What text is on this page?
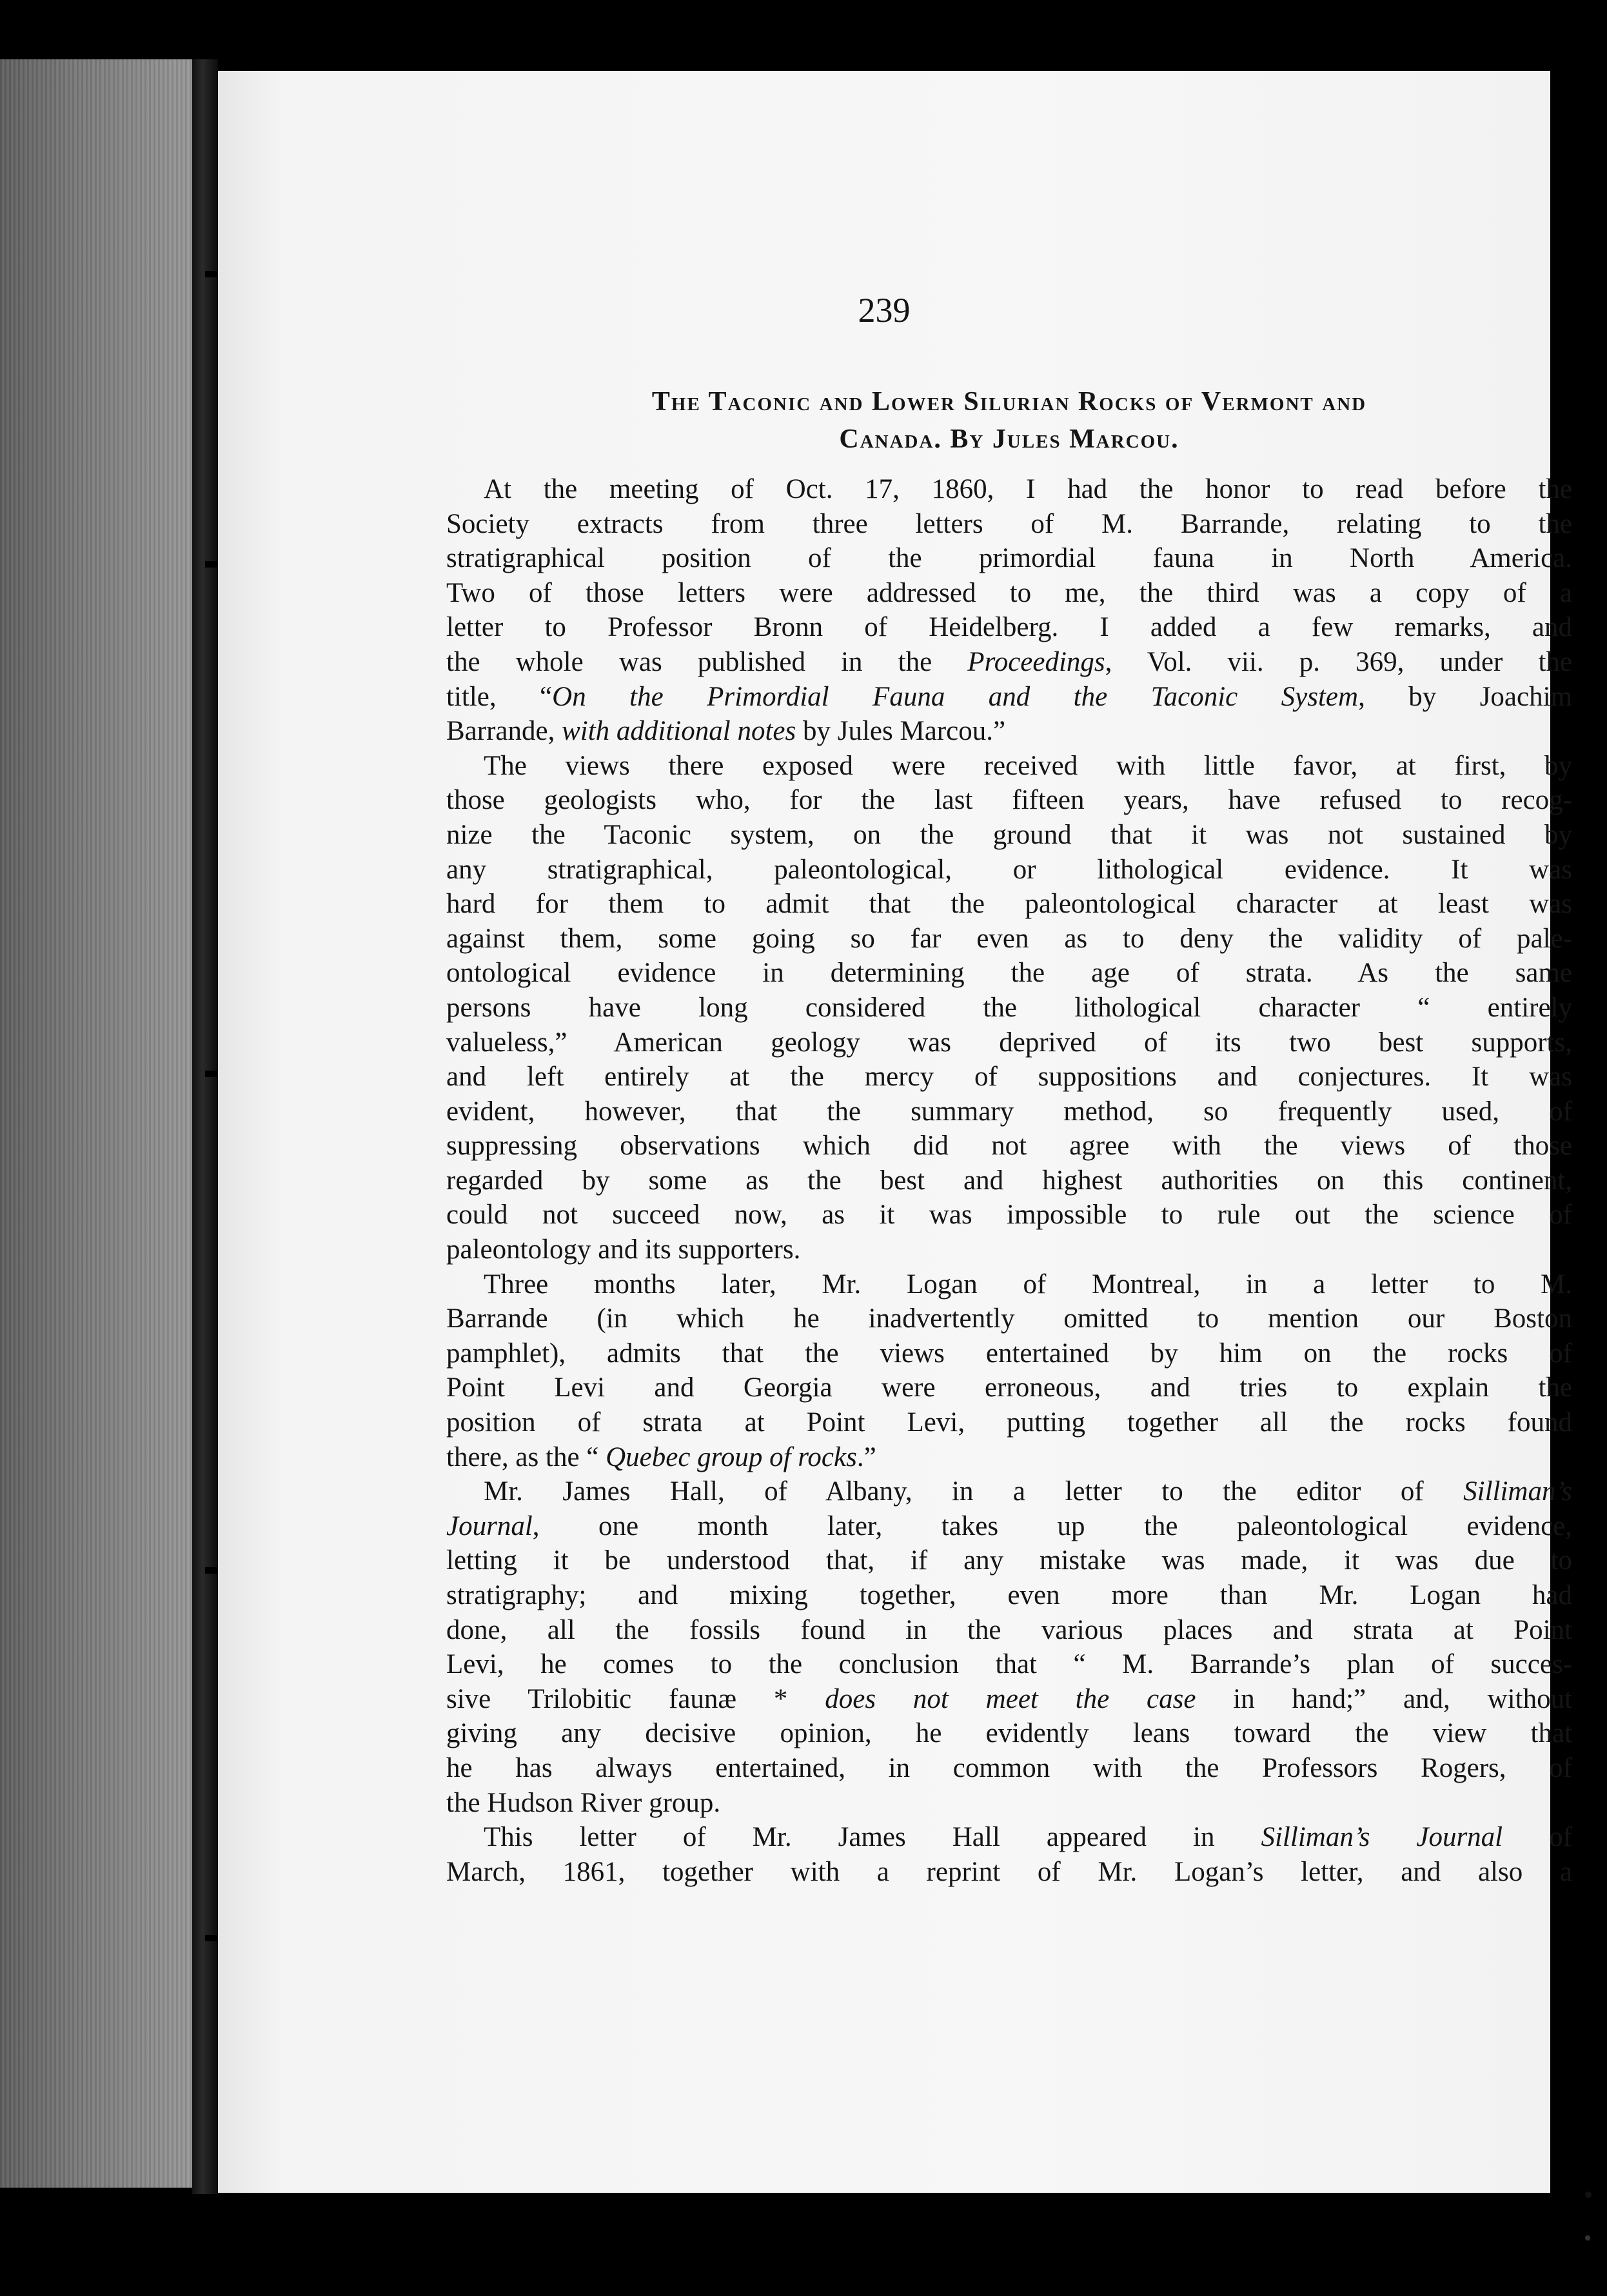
239

The Taconic and Lower Silurian Rocks of Vermont and
Canada. By Jules Marcou.

At the meeting of Oct. 17, 1860, I had the honor to read before the
Society extracts from three letters of M. Barrande, relating to the
stratigraphical position of the primordial fauna in North America.
Two of those letters were addressed to me, the third was a copy of a
letter to Professor Bronn of Heidelberg. I added a few remarks, and
the whole was published in the Proceedings, Vol. vii. p. 369, under the
title, “On the Primordial Fauna and the Taconic System, by Joachim
Barrande, with additional notes by Jules Marcou.”

The views there exposed were received with little favor, at first, by
those geologists who, for the last fifteen years, have refused to recog-
nize the Taconic system, on the ground that it was not sustained by
any stratigraphical, paleontological, or lithological evidence. It was
hard for them to admit that the paleontological character at least was
against them, some going so far even as to deny the validity of pale-
ontological evidence in determining the age of strata. As the same
persons have long considered the lithological character “ entirely
valueless,” American geology was deprived of its two best supports,
and left entirely at the mercy of suppositions and conjectures. It was
evident, however, that the summary method, so frequently used, of
suppressing observations which did not agree with the views of those
regarded by some as the best and highest authorities on this continent,
could not succeed now, as it was impossible to rule out the science of
paleontology and its supporters.

Three months later, Mr. Logan of Montreal, in a letter to M.
Barrande (in which he inadvertently omitted to mention our Boston
pamphlet), admits that the views entertained by him on the rocks of
Point Levi and Georgia were erroneous, and tries to explain the
position of strata at Point Levi, putting together all the rocks found
there, as the “ Quebec group of rocks.”

Mr. James Hall, of Albany, in a letter to the editor of Silliman’s
Journal, one month later, takes up the paleontological evidence,
letting it be understood that, if any mistake was made, it was due to
stratigraphy; and mixing together, even more than Mr. Logan had
done, all the fossils found in the various places and strata at Point
Levi, he comes to the conclusion that “ M. Barrande’s plan of succes-
sive Trilobitic faunæ * does not meet the case in hand;” and, without
giving any decisive opinion, he evidently leans toward the view that
he has always entertained, in common with the Professors Rogers, of
the Hudson River group.

This letter of Mr. James Hall appeared in Silliman’s Journal of
March, 1861, together with a reprint of Mr. Logan’s letter, and also a
